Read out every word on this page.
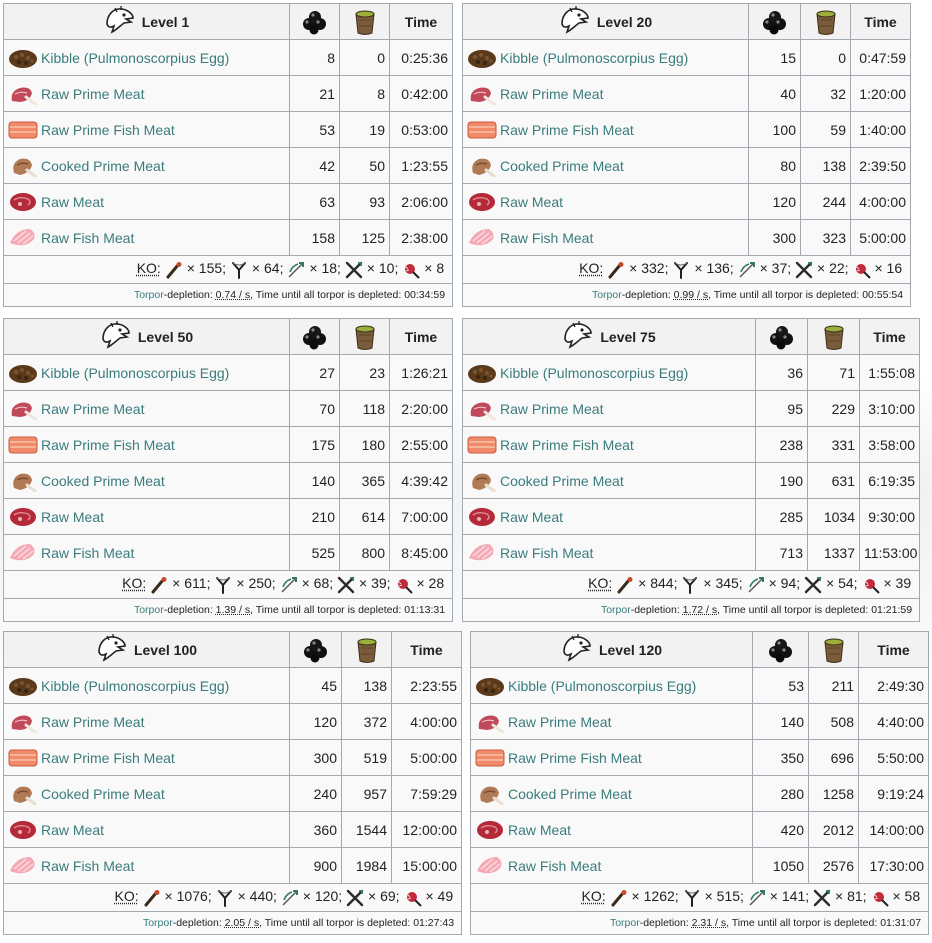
Level 1			Time
Kibble (Pulmonoscorpius Egg)	8	0	0:25:36
Raw Prime Meat	21	8	0:42:00
Raw Prime Fish Meat	53	19	0:53:00
Cooked Prime Meat	42	50	1:23:55
Raw Meat	63	93	2:06:00
Raw Fish Meat	158	125	2:38:00
KO: × 155; × 64; × 18; × 10; × 8			
Torpor-depletion: 0.74 / s, Time until all torpor is depleted: 00:34:59			
Level 20			Time
Kibble (Pulmonoscorpius Egg)	15	0	0:47:59
Raw Prime Meat	40	32	1:20:00
Raw Prime Fish Meat	100	59	1:40:00
Cooked Prime Meat	80	138	2:39:50
Raw Meat	120	244	4:00:00
Raw Fish Meat	300	323	5:00:00
KO: × 332; × 136; × 37; × 22; × 16			
Torpor-depletion: 0.99 / s, Time until all torpor is depleted: 00:55:54			
Level 50			Time
Kibble (Pulmonoscorpius Egg)	27	23	1:26:21
Raw Prime Meat	70	118	2:20:00
Raw Prime Fish Meat	175	180	2:55:00
Cooked Prime Meat	140	365	4:39:42
Raw Meat	210	614	7:00:00
Raw Fish Meat	525	800	8:45:00
KO: × 611; × 250; × 68; × 39; × 28			
Torpor-depletion: 1.39 / s, Time until all torpor is depleted: 01:13:31			
Level 75			Time
Kibble (Pulmonoscorpius Egg)	36	71	1:55:08
Raw Prime Meat	95	229	3:10:00
Raw Prime Fish Meat	238	331	3:58:00
Cooked Prime Meat	190	631	6:19:35
Raw Meat	285	1034	9:30:00
Raw Fish Meat	713	1337	11:53:00
KO: × 844; × 345; × 94; × 54; × 39			
Torpor-depletion: 1.72 / s, Time until all torpor is depleted: 01:21:59			
Level 100			Time
Kibble (Pulmonoscorpius Egg)	45	138	2:23:55
Raw Prime Meat	120	372	4:00:00
Raw Prime Fish Meat	300	519	5:00:00
Cooked Prime Meat	240	957	7:59:29
Raw Meat	360	1544	12:00:00
Raw Fish Meat	900	1984	15:00:00
KO: × 1076; × 440; × 120; × 69; × 49			
Torpor-depletion: 2.05 / s, Time until all torpor is depleted: 01:27:43			
Level 120			Time
Kibble (Pulmonoscorpius Egg)	53	211	2:49:30
Raw Prime Meat	140	508	4:40:00
Raw Prime Fish Meat	350	696	5:50:00
Cooked Prime Meat	280	1258	9:19:24
Raw Meat	420	2012	14:00:00
Raw Fish Meat	1050	2576	17:30:00
KO: × 1262; × 515; × 141; × 81; × 58			
Torpor-depletion: 2.31 / s, Time until all torpor is depleted: 01:31:07			
